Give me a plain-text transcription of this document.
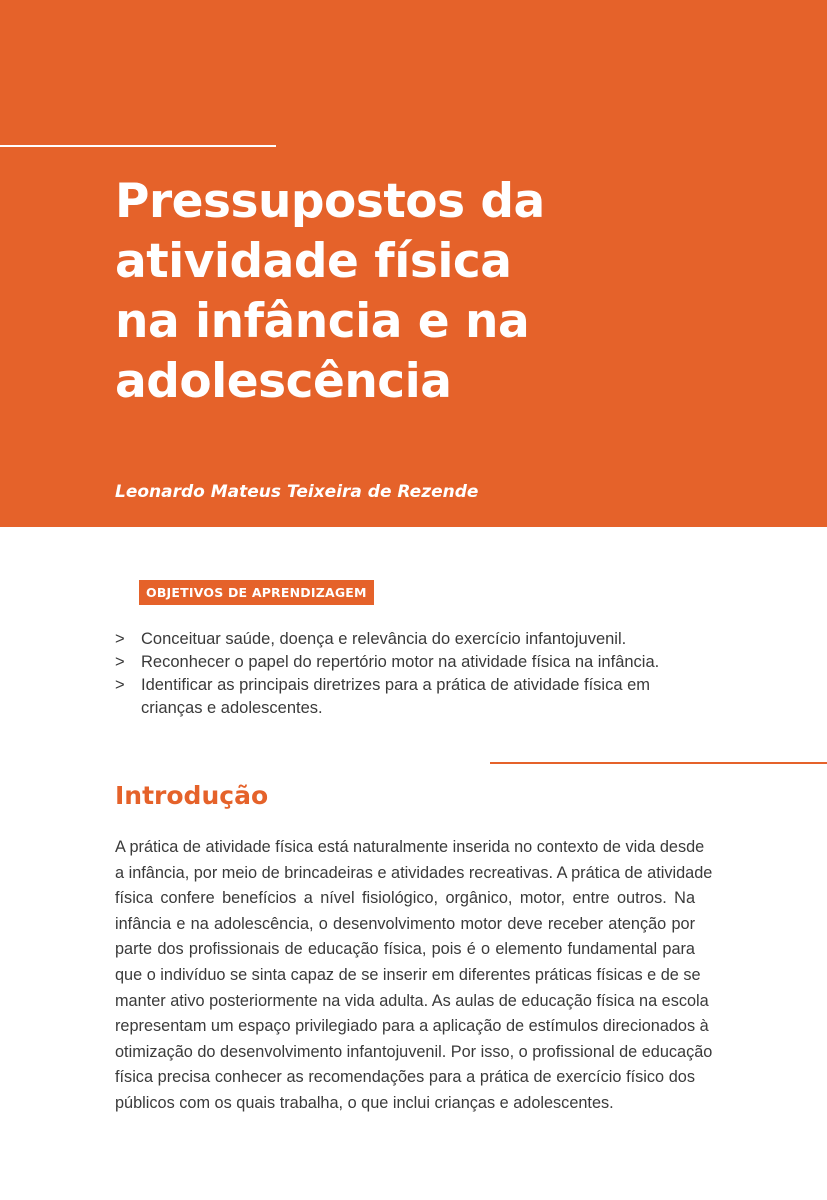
Pressupostos da
atividade física
na infância e na
adolescência
Leonardo Mateus Teixeira de Rezende
OBJETIVOS DE APRENDIZAGEM
> Conceituar saúde, doença e relevância do exercício infantojuvenil.
> Reconhecer o papel do repertório motor na atividade física na infância.
> Identificar as principais diretrizes para a prática de atividade física em crianças e adolescentes.
Introdução

A prática de atividade física está naturalmente inserida no contexto de vida desde
a infância, por meio de brincadeiras e atividades recreativas. A prática de atividade
física confere benefícios a nível fisiológico, orgânico, motor, entre outros. Na
infância e na adolescência, o desenvolvimento motor deve receber atenção por
parte dos profissionais de educação física, pois é o elemento fundamental para
que o indivíduo se sinta capaz de se inserir em diferentes práticas físicas e de se
manter ativo posteriormente na vida adulta. As aulas de educação física na escola
representam um espaço privilegiado para a aplicação de estímulos direcionados à
otimização do desenvolvimento infantojuvenil. Por isso, o profissional de educação
física precisa conhecer as recomendações para a prática de exercício físico dos
públicos com os quais trabalha, o que inclui crianças e adolescentes.
